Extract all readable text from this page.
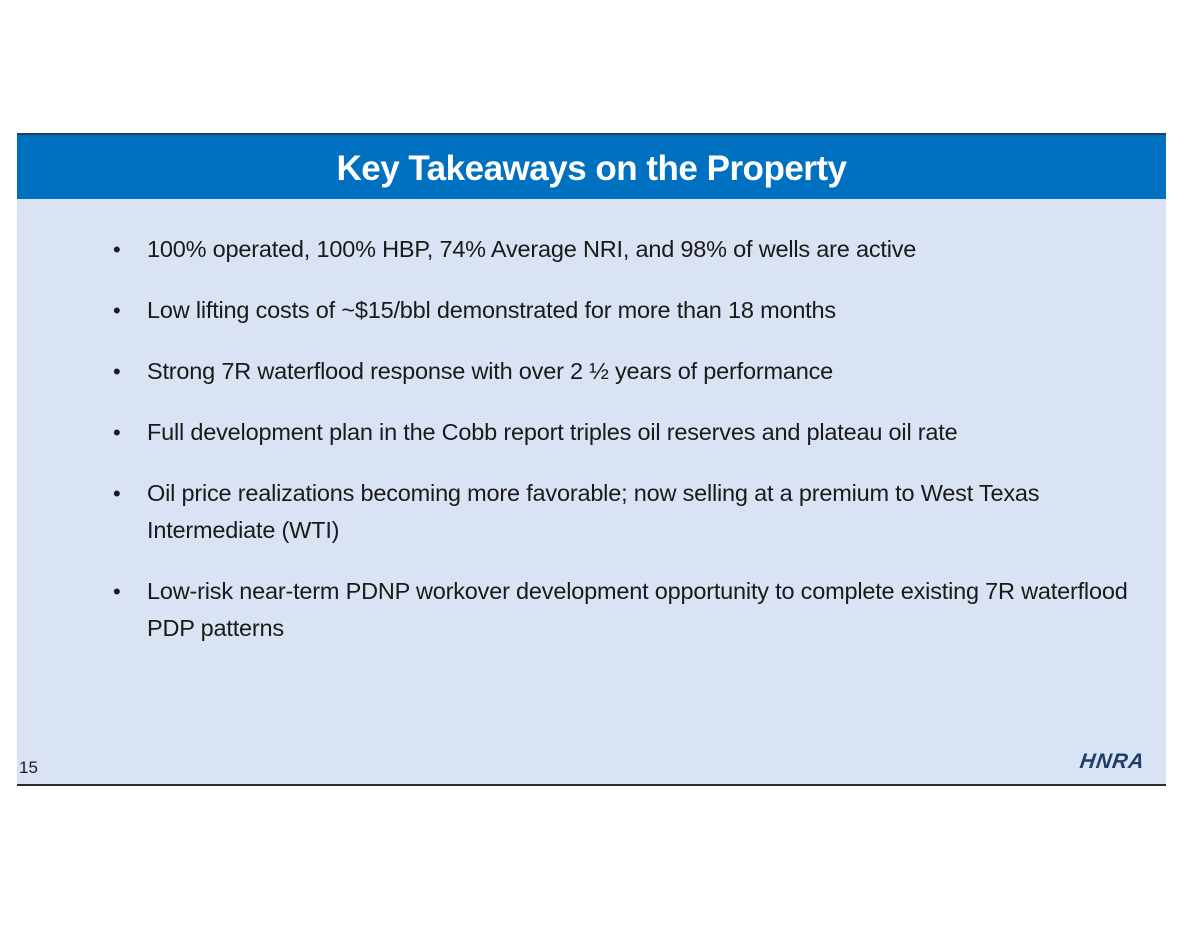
Key Takeaways on the Property
• 100% operated, 100% HBP, 74% Average NRI, and 98% of wells are active
• Low lifting costs of ~$15/bbl demonstrated for more than 18 months
• Strong 7R waterflood response with over 2 ½ years of performance
• Full development plan in the Cobb report triples oil reserves and plateau oil rate
• Oil price realizations becoming more favorable; now selling at a premium to West Texas Intermediate (WTI)
• Low-risk near-term PDNP workover development opportunity to complete existing 7R waterflood PDP patterns
15	HNRA
